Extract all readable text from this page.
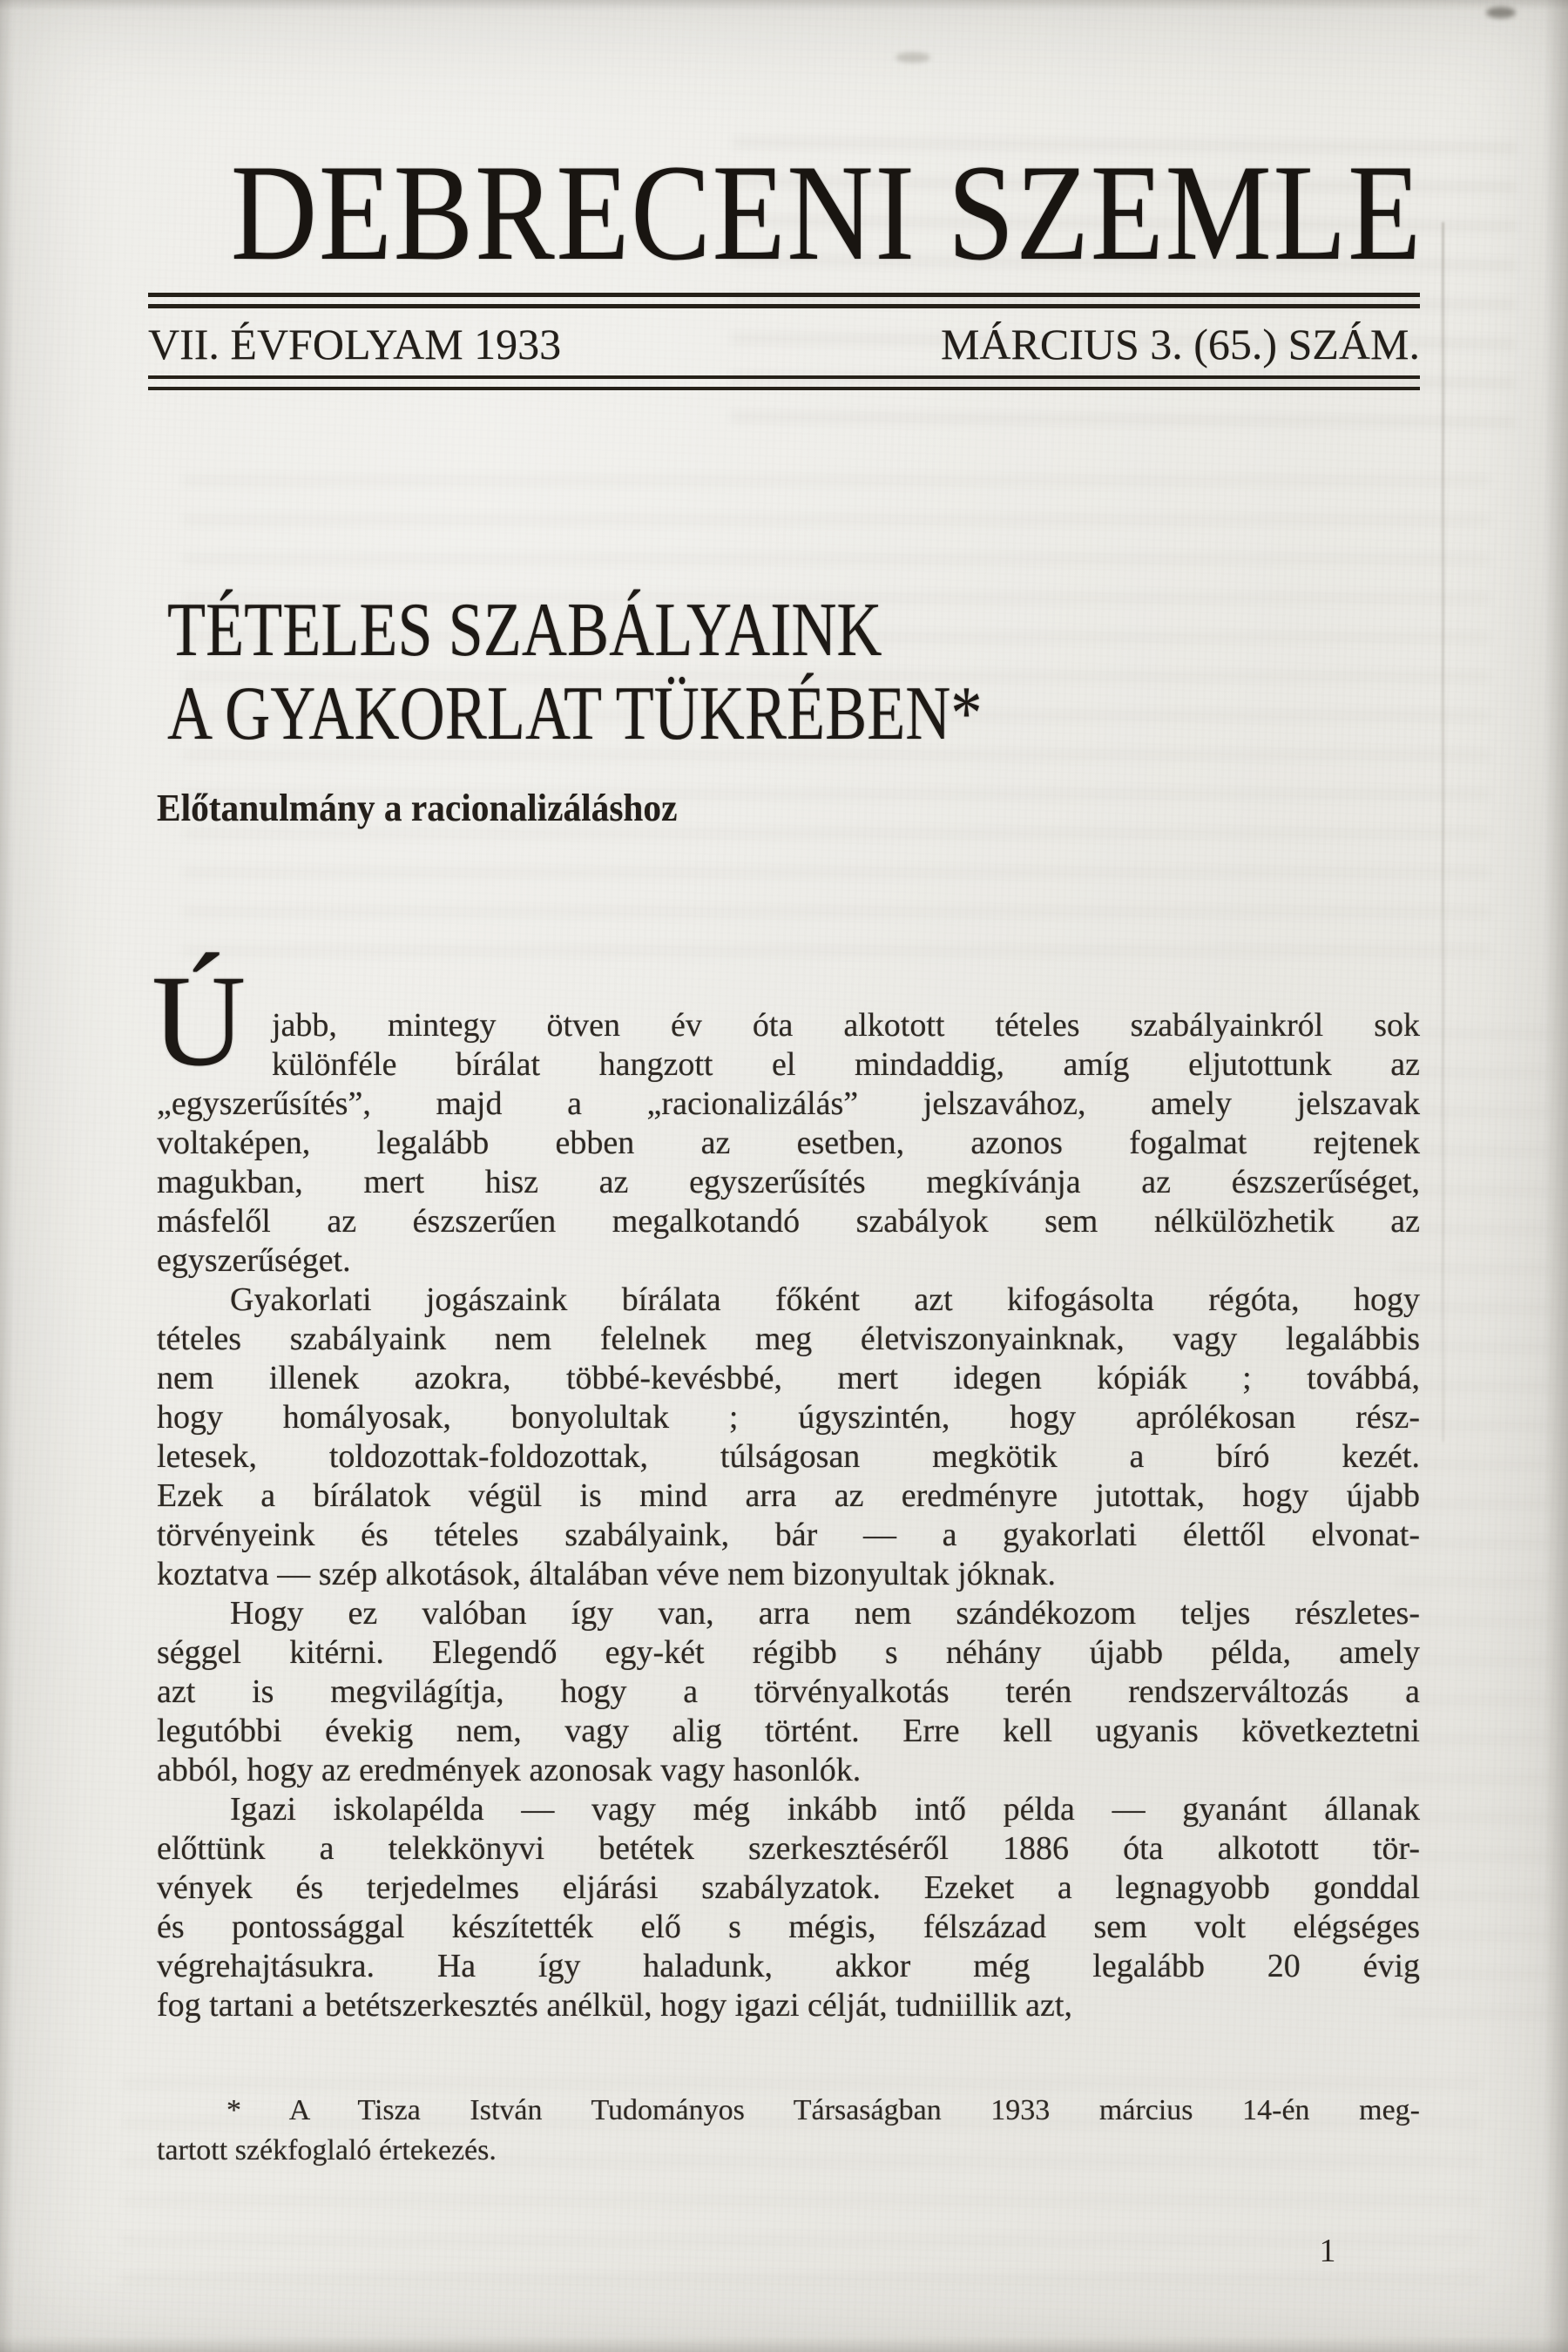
DEBRECENI SZEMLE
VII. ÉVFOLYAM 1933	MÁRCIUS 3. (65.) SZÁM.
TÉTELES SZABÁLYAINK
A GYAKORLAT TÜKRÉBEN*
Előtanulmány a racionalizáláshoz
Ú jabb, mintegy ötven év óta alkotott tételes szabályainkról sok
különféle bírálat hangzott el mindaddig, amíg eljutottunk az
„egyszerűsítés”, majd a „racionalizálás” jelszavához, amely jelszavak
voltaképen, legalább ebben az esetben, azonos fogalmat rejtenek
magukban, mert hisz az egyszerűsítés megkívánja az észszerűséget,
másfelől az észszerűen megalkotandó szabályok sem nélkülözhetik az
egyszerűséget.
Gyakorlati jogászaink bírálata főként azt kifogásolta régóta, hogy
tételes szabályaink nem felelnek meg életviszonyainknak, vagy legalábbis
nem illenek azokra, többé-kevésbbé, mert idegen kópiák ; továbbá,
hogy homályosak, bonyolultak ; úgyszintén, hogy aprólékosan rész-
letesek, toldozottak-foldozottak, túlságosan megkötik a bíró kezét.
Ezek a bírálatok végül is mind arra az eredményre jutottak, hogy újabb
törvényeink és tételes szabályaink, bár — a gyakorlati élettől elvonat-
koztatva — szép alkotások, általában véve nem bizonyultak jóknak.
Hogy ez valóban így van, arra nem szándékozom teljes részletes-
séggel kitérni. Elegendő egy-két régibb s néhány újabb példa, amely
azt is megvilágítja, hogy a törvényalkotás terén rendszerváltozás a
legutóbbi évekig nem, vagy alig történt. Erre kell ugyanis következtetni
abból, hogy az eredmények azonosak vagy hasonlók.
Igazi iskolapélda — vagy még inkább intő példa — gyanánt állanak
előttünk a telekkönyvi betétek szerkesztéséről 1886 óta alkotott tör-
vények és terjedelmes eljárási szabályzatok. Ezeket a legnagyobb gonddal
és pontossággal készítették elő s mégis, félszázad sem volt elégséges
végrehajtásukra. Ha így haladunk, akkor még legalább 20 évig
fog tartani a betétszerkesztés anélkül, hogy igazi célját, tudniillik azt,
* A Tisza István Tudományos Társaságban 1933 március 14-én meg-
tartott székfoglaló értekezés.
1
